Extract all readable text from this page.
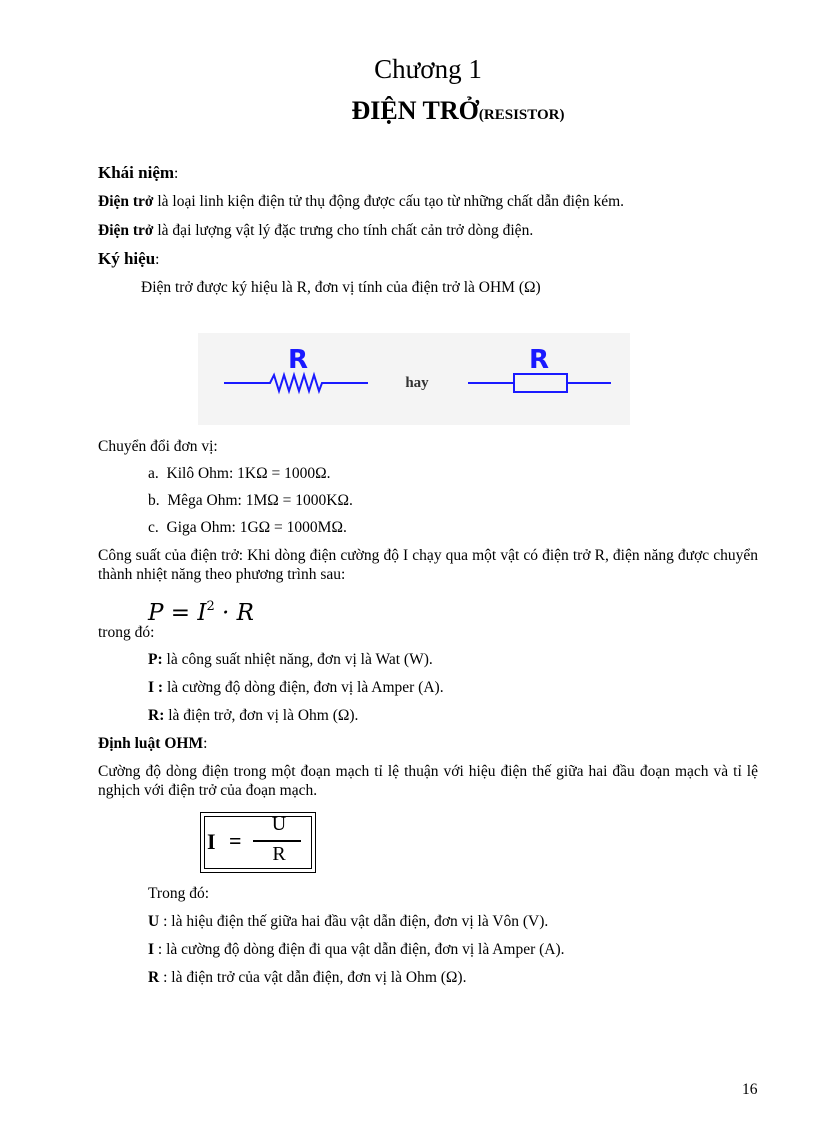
Chương 1
ĐIỆN TRỞ(RESISTOR)
Khái niệm:
Điện trở là loại linh kiện điện tử thụ động được cấu tạo từ những chất dẫn điện kém.
Điện trở là đại lượng vật lý đặc trưng cho tính chất cản trở dòng điện.
Ký hiệu:
Điện trở được ký hiệu là R, đơn vị tính của điện trở là OHM (Ω)
R
hay
R
Chuyển đổi đơn vị:
a. Kilô Ohm: 1KΩ = 1000Ω.
b. Mêga Ohm: 1MΩ = 1000KΩ.
c. Giga Ohm: 1GΩ = 1000MΩ.
Công suất của điện trở: Khi dòng điện cường độ I chạy qua một vật có điện trở R, điện năng được chuyển thành nhiệt năng theo phương trình sau:
$P = I^2 \cdot R$
trong đó:
P: là công suất nhiệt năng, đơn vị là Wat (W).
I : là cường độ dòng điện, đơn vị là Amper (A).
R: là điện trở, đơn vị là Ohm (Ω).
Định luật OHM:
Cường độ dòng điện trong một đoạn mạch tỉ lệ thuận với hiệu điện thế giữa hai đầu đoạn mạch và tỉ lệ nghịch với điện trở của đoạn mạch.
I =
U
R
Trong đó:
U : là hiệu điện thế giữa hai đầu vật dẫn điện, đơn vị là Vôn (V).
I : là cường độ dòng điện đi qua vật dẫn điện, đơn vị là Amper (A).
R : là điện trở của vật dẫn điện, đơn vị là Ohm (Ω).
16
